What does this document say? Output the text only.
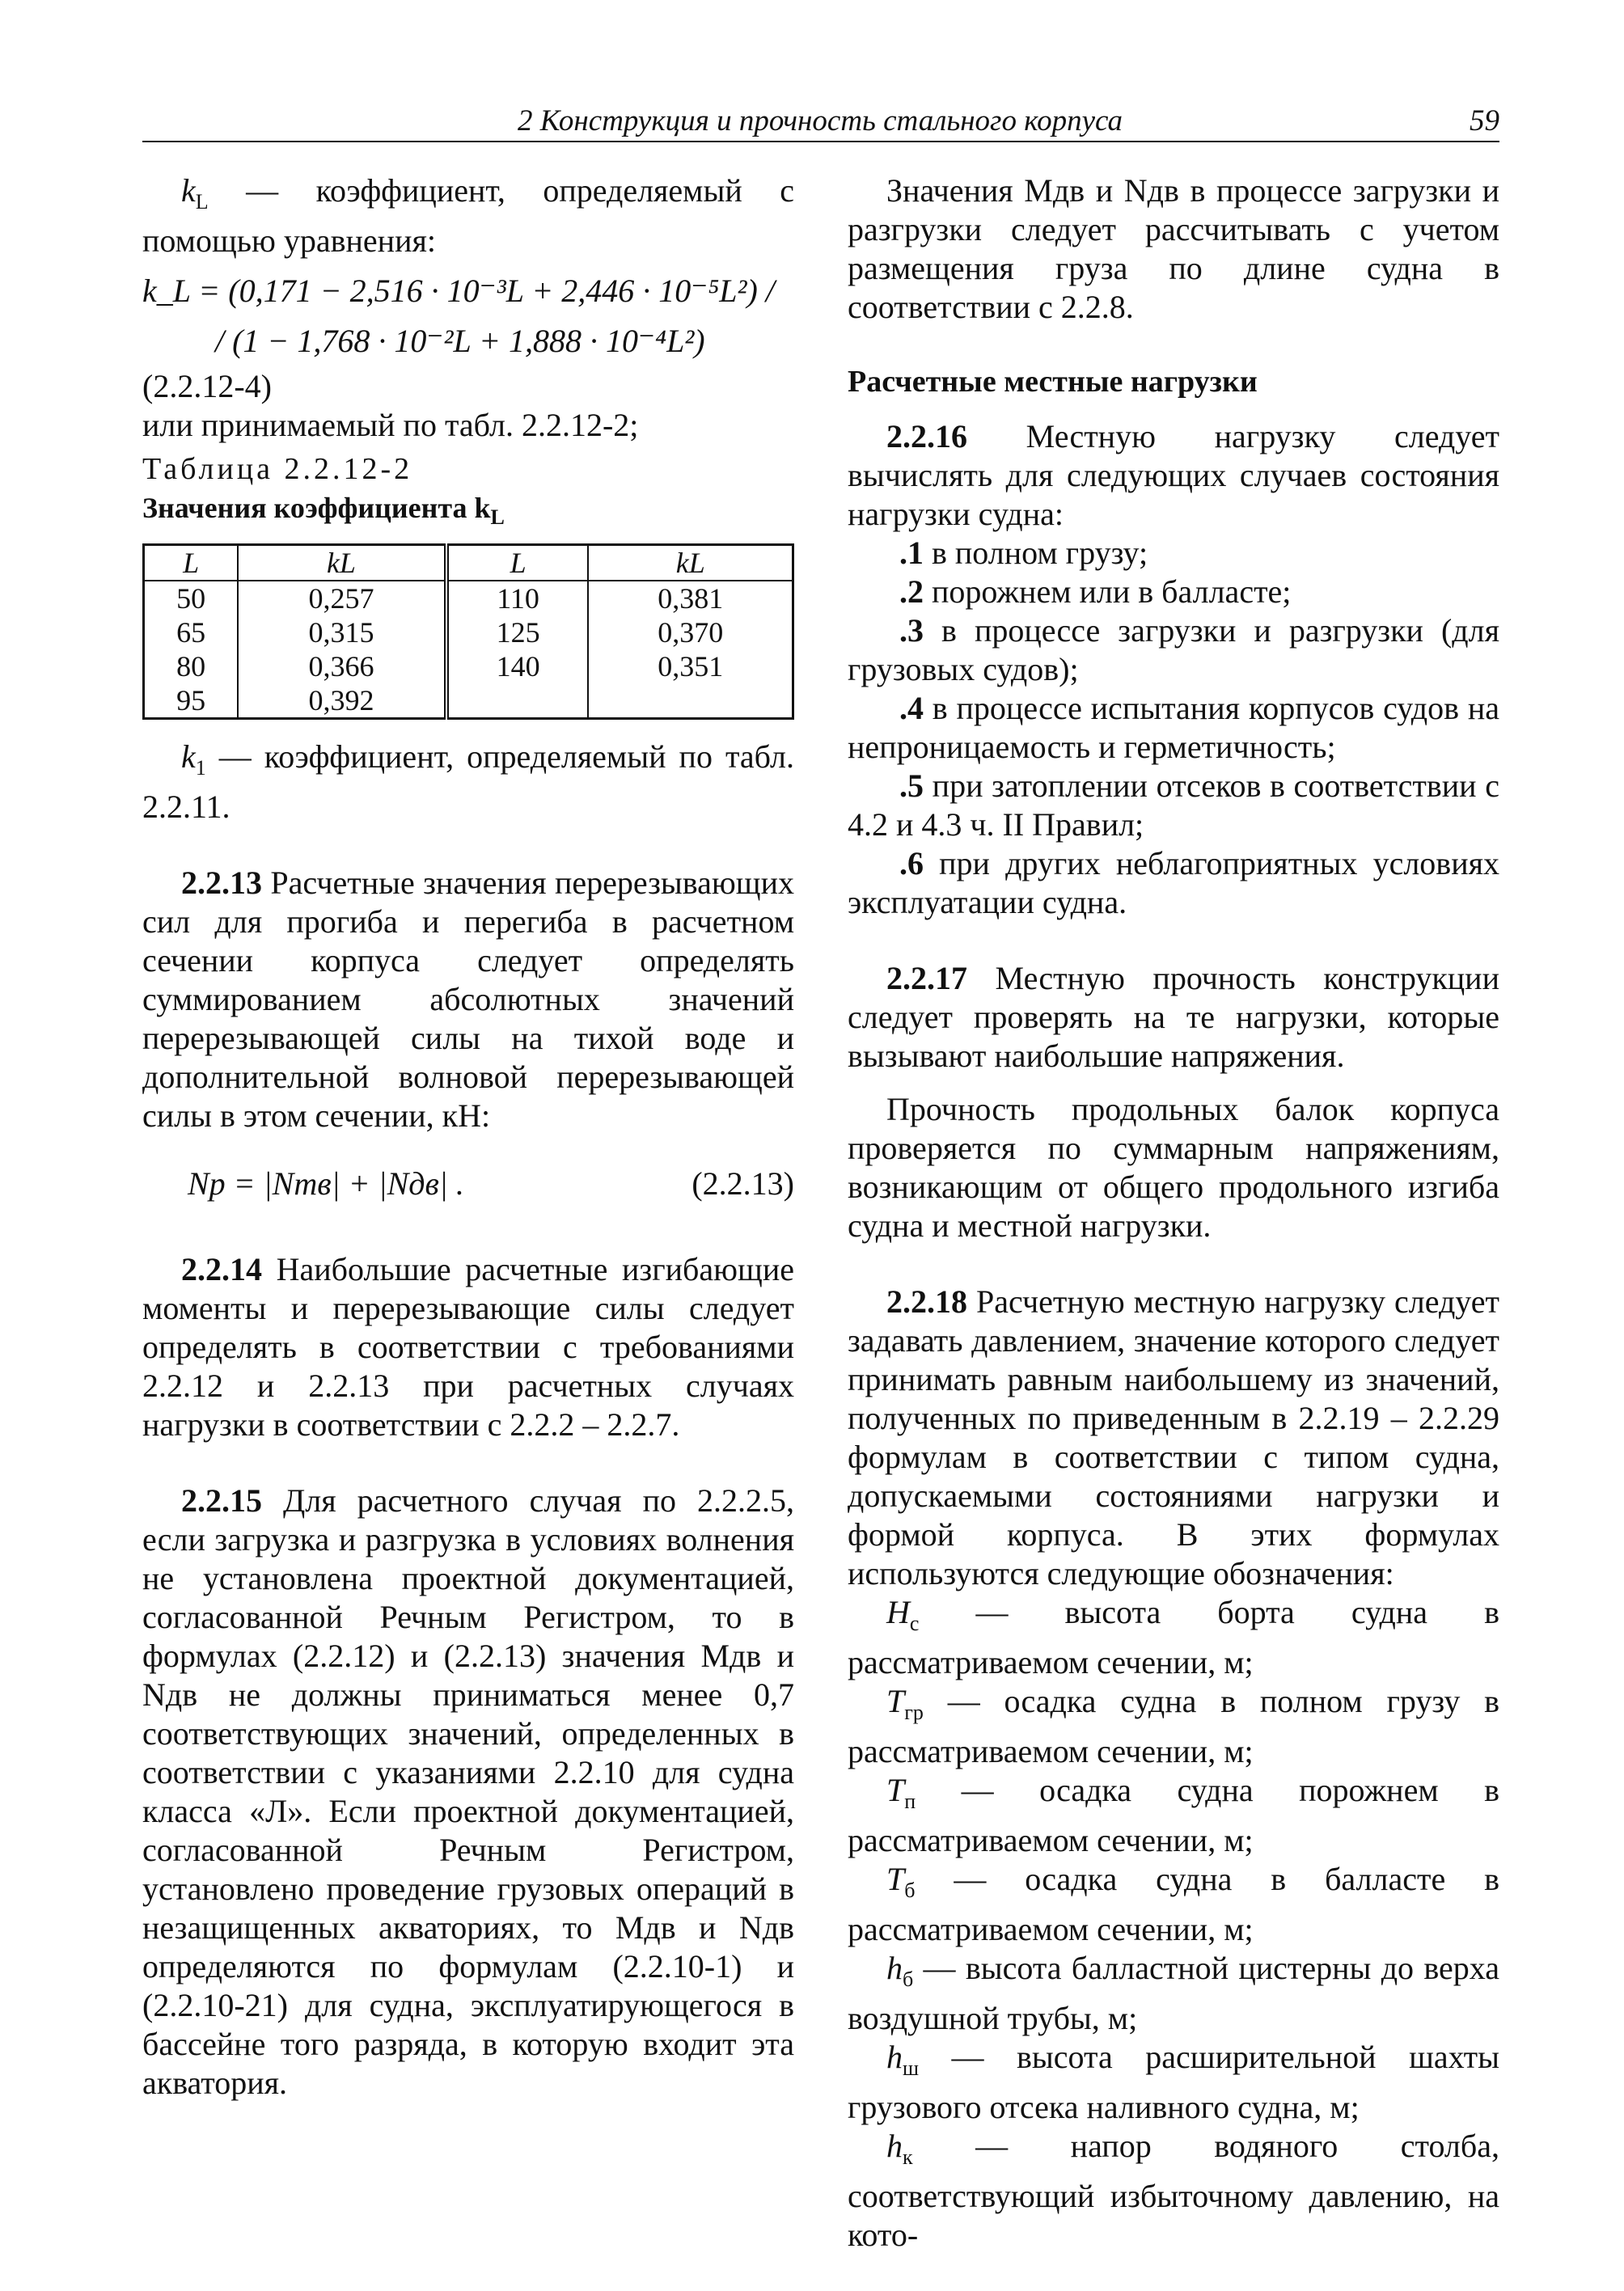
2 Конструкция и прочность стального корпуса	59

$k_L$ — коэффициент, определяемый с помощью уравнения:

k_L = (0,171 − 2,516 · 10⁻³L + 2,446 · 10⁻⁵L²) /
/ (1 − 1,768 · 10⁻²L + 1,888 · 10⁻⁴L²)

(2.2.12-4)

или принимаемый по табл. 2.2.12-2;

Таблица 2.2.12-2

Значения коэффициента $k_L$

L	kL	L	kL
50	0,257	110	0,381
65	0,315	125	0,370
80	0,366	140	0,351
95	0,392		

$k_1$ — коэффициент, определяемый по табл. 2.2.11.

2.2.13 Расчетные значения перерезывающих сил для прогиба и перегиба в расчетном сечении корпуса следует определять суммированием абсолютных значений перерезывающей силы на тихой воде и дополнительной волновой перерезывающей силы в этом сечении, кН:

Nр = |Nтв| + |Nдв| .	(2.2.13)

2.2.14 Наибольшие расчетные изгибающие моменты и перерезывающие силы следует определять в соответствии с требованиями 2.2.12 и 2.2.13 при расчетных случаях нагрузки в соответствии с 2.2.2 – 2.2.7.

2.2.15 Для расчетного случая по 2.2.2.5, если загрузка и разгрузка в условиях волнения не установлена проектной документацией, согласованной Речным Регистром, то в формулах (2.2.12) и (2.2.13) значения Mдв и Nдв не должны приниматься менее 0,7 соответствующих значений, определенных в соответствии с указаниями 2.2.10 для судна класса «Л». Если проектной документацией, согласованной Речным Регистром, установлено проведение грузовых операций в незащищенных акваториях, то Mдв и Nдв определяются по формулам (2.2.10-1) и (2.2.10-21) для судна, эксплуатирующегося в бассейне того разряда, в которую входит эта акватория.

Значения Mдв и Nдв в процессе загрузки и разгрузки следует рассчитывать с учетом размещения груза по длине судна в соответствии с 2.2.8.

Расчетные местные нагрузки

2.2.16 Местную нагрузку следует вычислять для следующих случаев состояния нагрузки судна:

.1 в полном грузу;

.2 порожнем или в балласте;

.3 в процессе загрузки и разгрузки (для грузовых судов);

.4 в процессе испытания корпусов судов на непроницаемость и герметичность;

.5 при затоплении отсеков в соответствии с 4.2 и 4.3 ч. II Правил;

.6 при других неблагоприятных условиях эксплуатации судна.

2.2.17 Местную прочность конструкции следует проверять на те нагрузки, которые вызывают наибольшие напряжения.

Прочность продольных балок корпуса проверяется по суммарным напряжениям, возникающим от общего продольного изгиба судна и местной нагрузки.

2.2.18 Расчетную местную нагрузку следует задавать давлением, значение которого следует принимать равным наибольшему из значений, полученных по приведенным в 2.2.19 – 2.2.29 формулам в соответствии с типом судна, допускаемыми состояниями нагрузки и формой корпуса. В этих формулах используются следующие обозначения:

$H_с$ — высота борта судна в рассматриваемом сечении, м;

$T_{гр}$ — осадка судна в полном грузу в рассматриваемом сечении, м;

$T_п$ — осадка судна порожнем в рассматриваемом сечении, м;

$T_б$ — осадка судна в балласте в рассматриваемом сечении, м;

$h_б$ — высота балластной цистерны до верха воздушной трубы, м;

$h_ш$ — высота расширительной шахты грузового отсека наливного судна, м;

$h_к$ — напор водяного столба, соответствующий избыточному давлению, на кото-
